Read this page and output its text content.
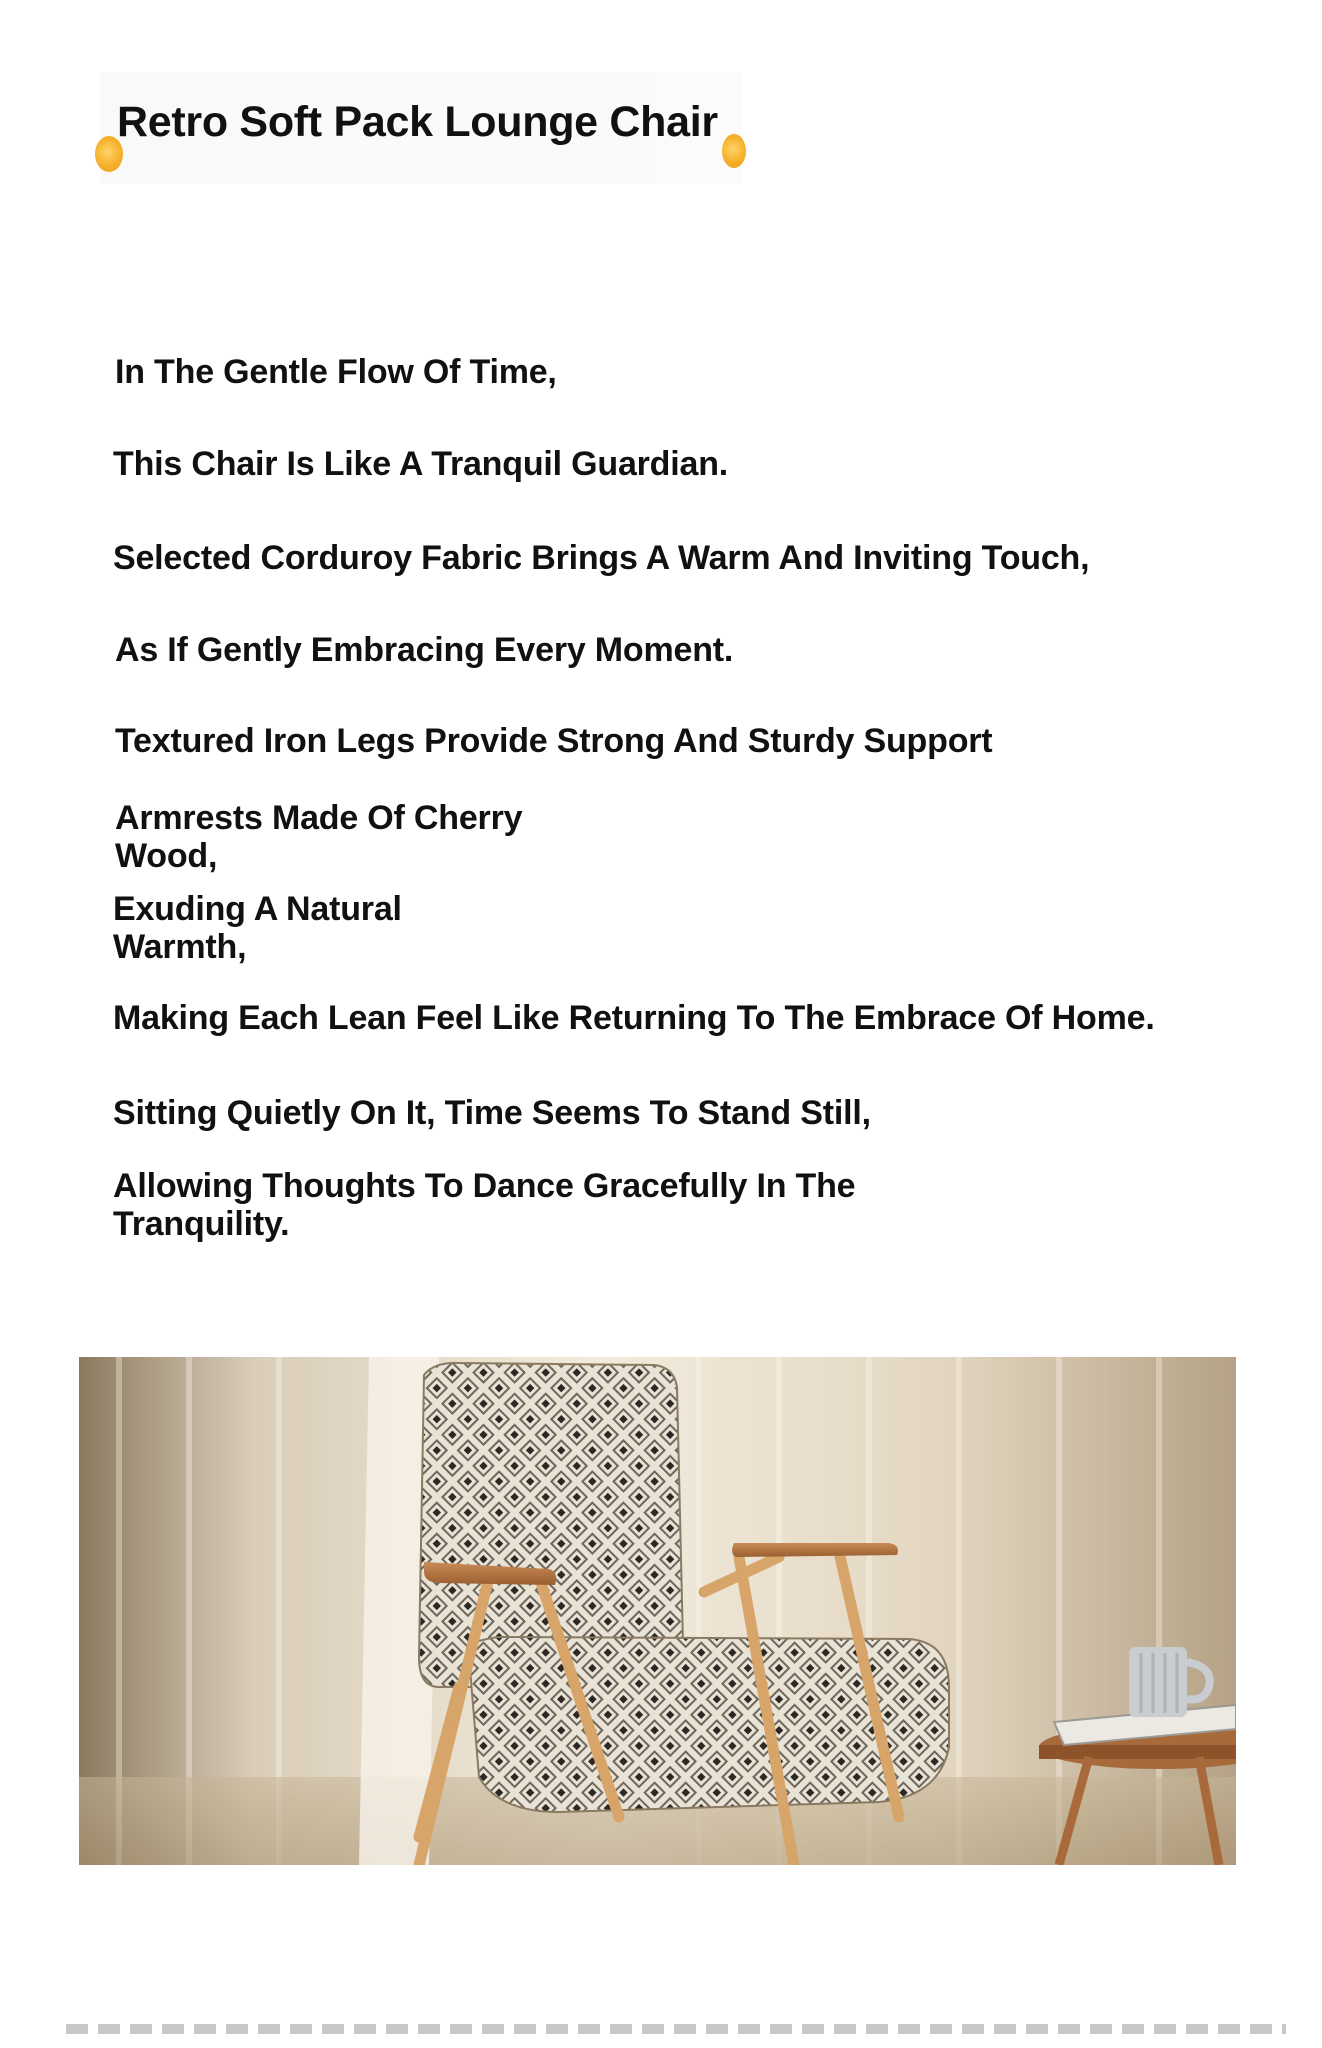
Retro Soft Pack Lounge Chair

In The Gentle Flow Of Time,

This Chair Is Like A Tranquil Guardian.

Selected Corduroy Fabric Brings A Warm And Inviting Touch,

As If Gently Embracing Every Moment.

Textured Iron Legs Provide Strong And Sturdy Support

Armrests Made Of Cherry
Wood,

Exuding A Natural
Warmth,

Making Each Lean Feel Like Returning To The Embrace Of Home.

Sitting Quietly On It, Time Seems To Stand Still,

Allowing Thoughts To Dance Gracefully In The
Tranquility.
